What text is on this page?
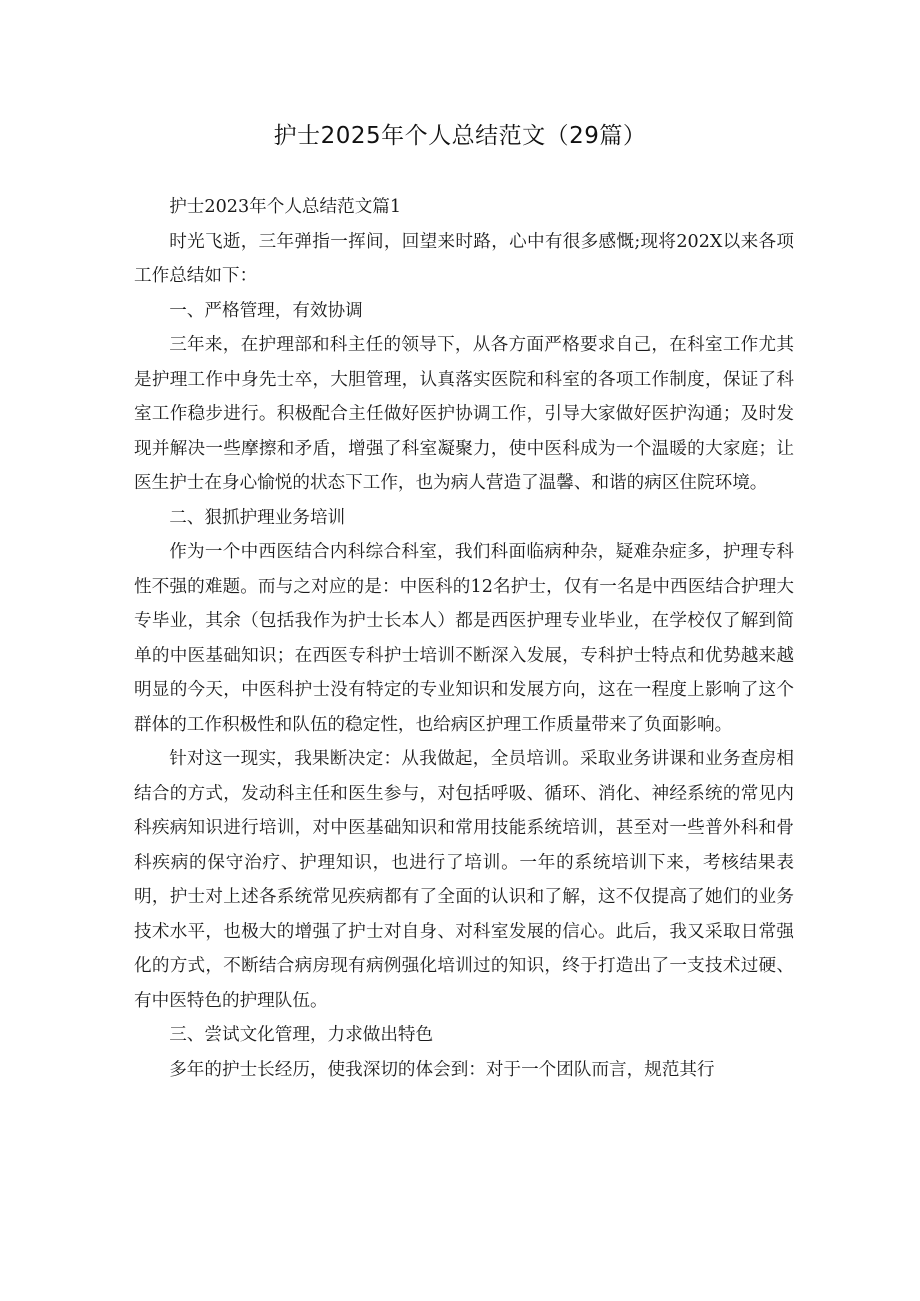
护士2025年个人总结范文（29篇）

护士2023年个人总结范文篇1

时光飞逝，三年弹指一挥间，回望来时路，心中有很多感慨;现将202X以来各项工作总结如下：

一、严格管理，有效协调

三年来，在护理部和科主任的领导下，从各方面严格要求自己，在科室工作尤其是护理工作中身先士卒，大胆管理，认真落实医院和科室的各项工作制度，保证了科室工作稳步进行。积极配合主任做好医护协调工作，引导大家做好医护沟通；及时发现并解决一些摩擦和矛盾，增强了科室凝聚力，使中医科成为一个温暖的大家庭；让医生护士在身心愉悦的状态下工作，也为病人营造了温馨、和谐的病区住院环境。

二、狠抓护理业务培训

作为一个中西医结合内科综合科室，我们科面临病种杂，疑难杂症多，护理专科性不强的难题。而与之对应的是：中医科的12名护士，仅有一名是中西医结合护理大专毕业，其余（包括我作为护士长本人）都是西医护理专业毕业，在学校仅了解到简单的中医基础知识；在西医专科护士培训不断深入发展，专科护士特点和优势越来越明显的今天，中医科护士没有特定的专业知识和发展方向，这在一程度上影响了这个群体的工作积极性和队伍的稳定性，也给病区护理工作质量带来了负面影响。

针对这一现实，我果断决定：从我做起，全员培训。采取业务讲课和业务查房相结合的方式，发动科主任和医生参与，对包括呼吸、循环、消化、神经系统的常见内科疾病知识进行培训，对中医基础知识和常用技能系统培训，甚至对一些普外科和骨科疾病的保守治疗、护理知识，也进行了培训。一年的系统培训下来，考核结果表明，护士对上述各系统常见疾病都有了全面的认识和了解，这不仅提高了她们的业务技术水平，也极大的增强了护士对自身、对科室发展的信心。此后，我又采取日常强化的方式，不断结合病房现有病例强化培训过的知识，终于打造出了一支技术过硬、有中医特色的护理队伍。

三、尝试文化管理，力求做出特色

多年的护士长经历，使我深切的体会到：对于一个团队而言，规范其行
